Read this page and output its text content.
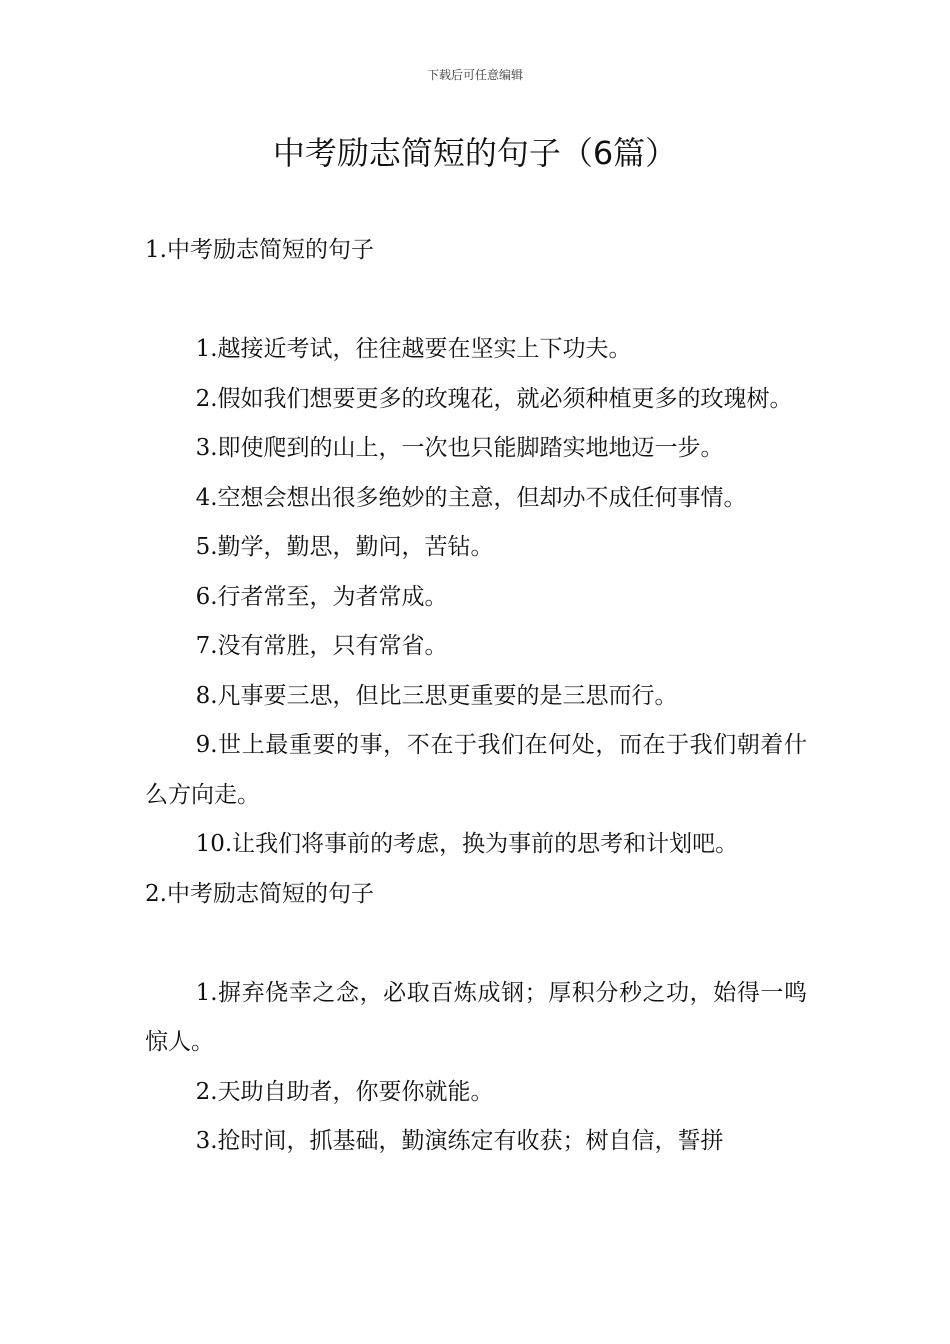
下载后可任意编辑
中考励志简短的句子（6篇）
1.中考励志简短的句子

1.越接近考试，往往越要在坚实上下功夫。

2.假如我们想要更多的玫瑰花，就必须种植更多的玫瑰树。

3.即使爬到的山上，一次也只能脚踏实地地迈一步。

4.空想会想出很多绝妙的主意，但却办不成任何事情。

5.勤学，勤思，勤问，苦钻。

6.行者常至，为者常成。

7.没有常胜，只有常省。

8.凡事要三思，但比三思更重要的是三思而行。

9.世上最重要的事，不在于我们在何处，而在于我们朝着什么方向走。

10.让我们将事前的考虑，换为事前的思考和计划吧。

2.中考励志简短的句子

1.摒弃侥幸之念，必取百炼成钢；厚积分秒之功，始得一鸣惊人。

2.天助自助者，你要你就能。

3.抢时间，抓基础，勤演练定有收获；树自信，誓拼
